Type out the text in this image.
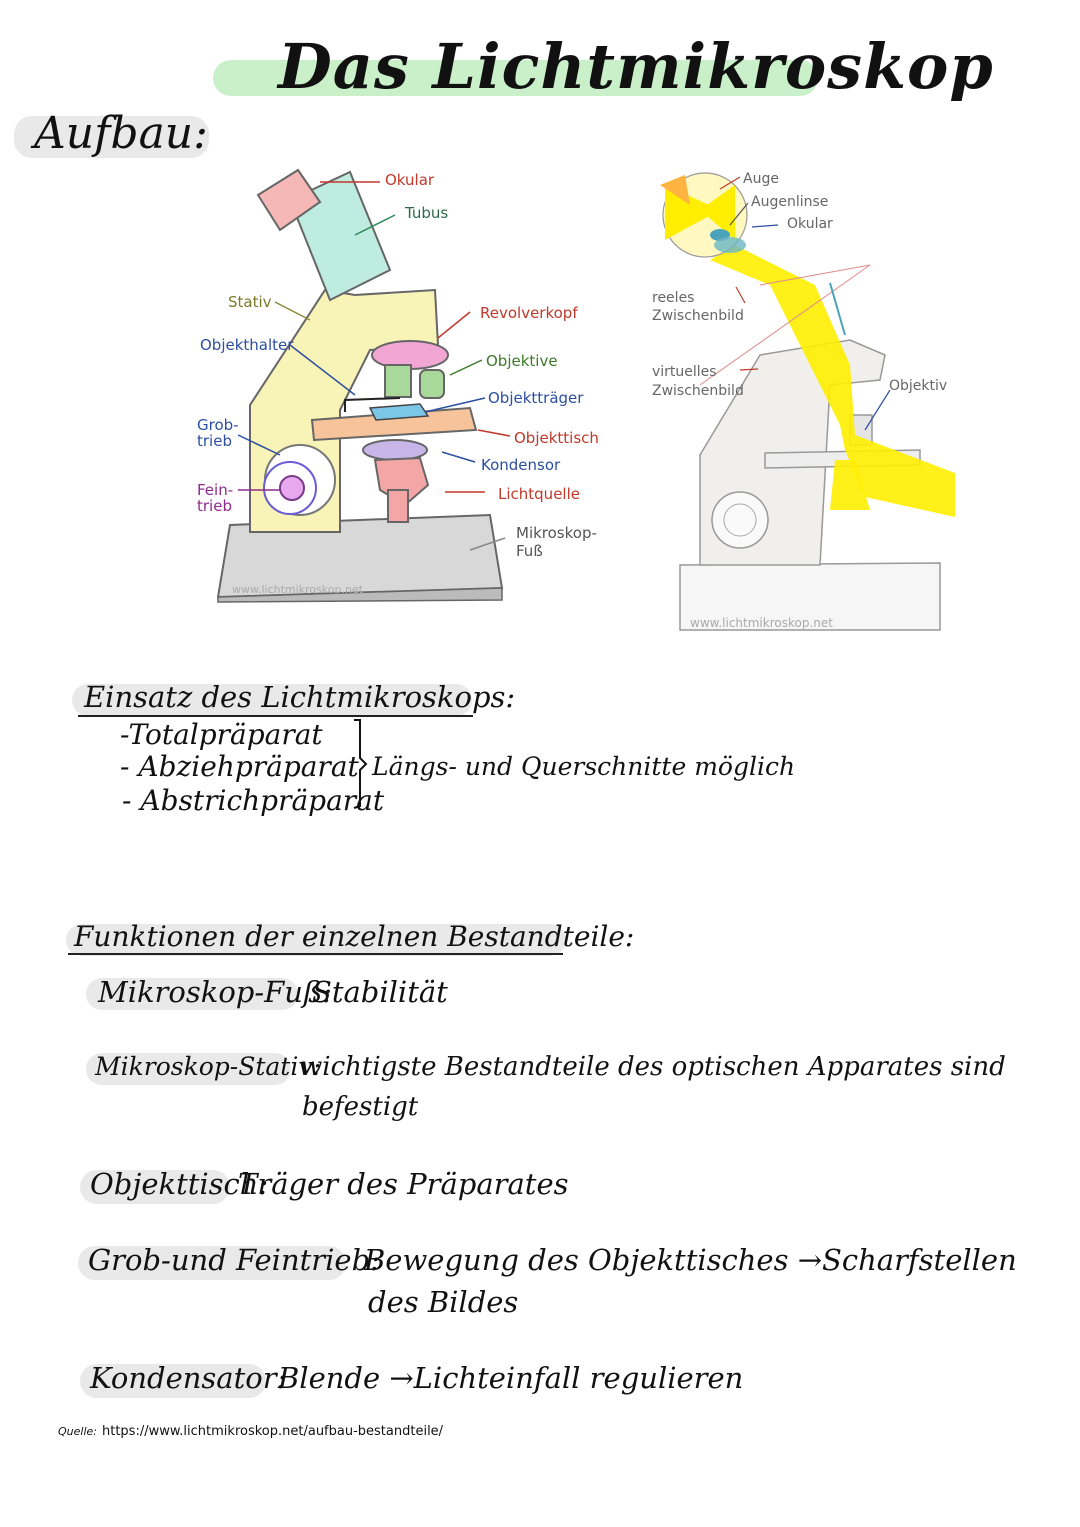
Das Lichtmikroskop
Aufbau:
Okular
Tubus
Stativ
Revolverkopf
Objekthalter
Objektive
Objektträger
Grob-
trieb	Objekttisch
Kondensor
Fein-
trieb
Lichtquelle
Mikroskop-
Fuß
www.lichtmikroskop.net
Auge
Augenlinse
Okular
reeles
Zwischenbild
virtuelles
Zwischenbild	Objektiv
www.lichtmikroskop.net
Einsatz des Lichtmikroskops:
-Totalpräparat
- Abziehpräparat
- Abstrichpräparat
Längs- und Querschnitte möglich
Funktionen der einzelnen Bestandteile:
Mikroskop-Fuß:
Stabilität
Mikroskop-Stativ:
wichtigste Bestandteile des optischen Apparates sind
befestigt
Objekttisch:
Träger des Präparates
Grob-und Feintrieb:
Bewegung des Objekttisches →Scharfstellen
des Bildes
Kondensator:
Blende →Lichteinfall regulieren
Quelle: https://www.lichtmikroskop.net/aufbau-bestandteile/
